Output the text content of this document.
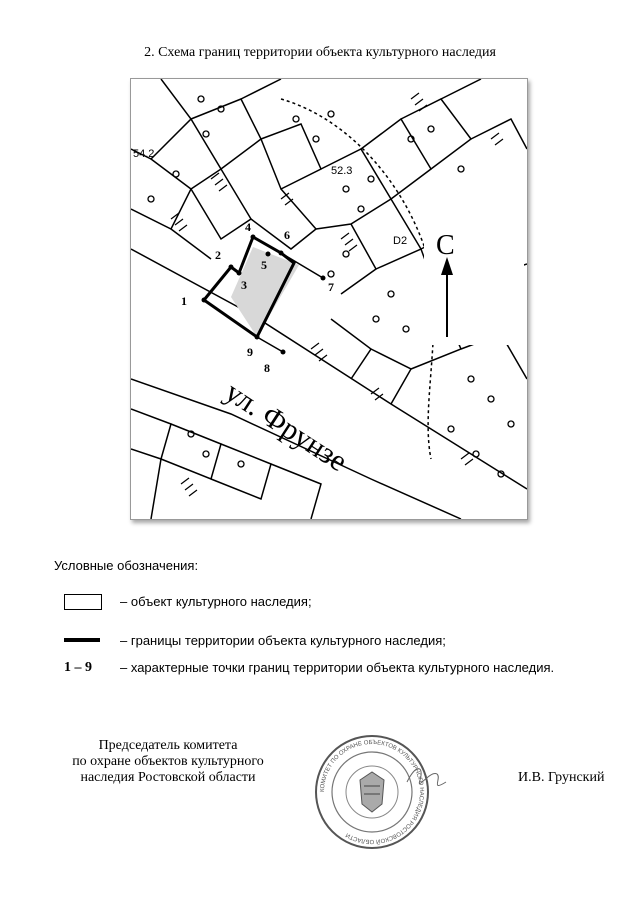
2. Схема границ территории объекта культурного наследия
1
2
3
4
5
6
7
8
9
54.2
52.3
D2
ул. Фрунзе
С
Условные обозначения:
– объект культурного наследия;
– границы территории объекта культурного наследия;
1 – 9 – характерные точки границ территории объекта культурного наследия.
Председатель комитета
по охране объектов культурного
наследия Ростовской области
КОМИТЕТ ПО ОХРАНЕ ОБЪЕКТОВ КУЛЬТУРНОГО НАСЛЕДИЯ РОСТОВСКОЙ ОБЛАСТИ
И.В. Грунский
